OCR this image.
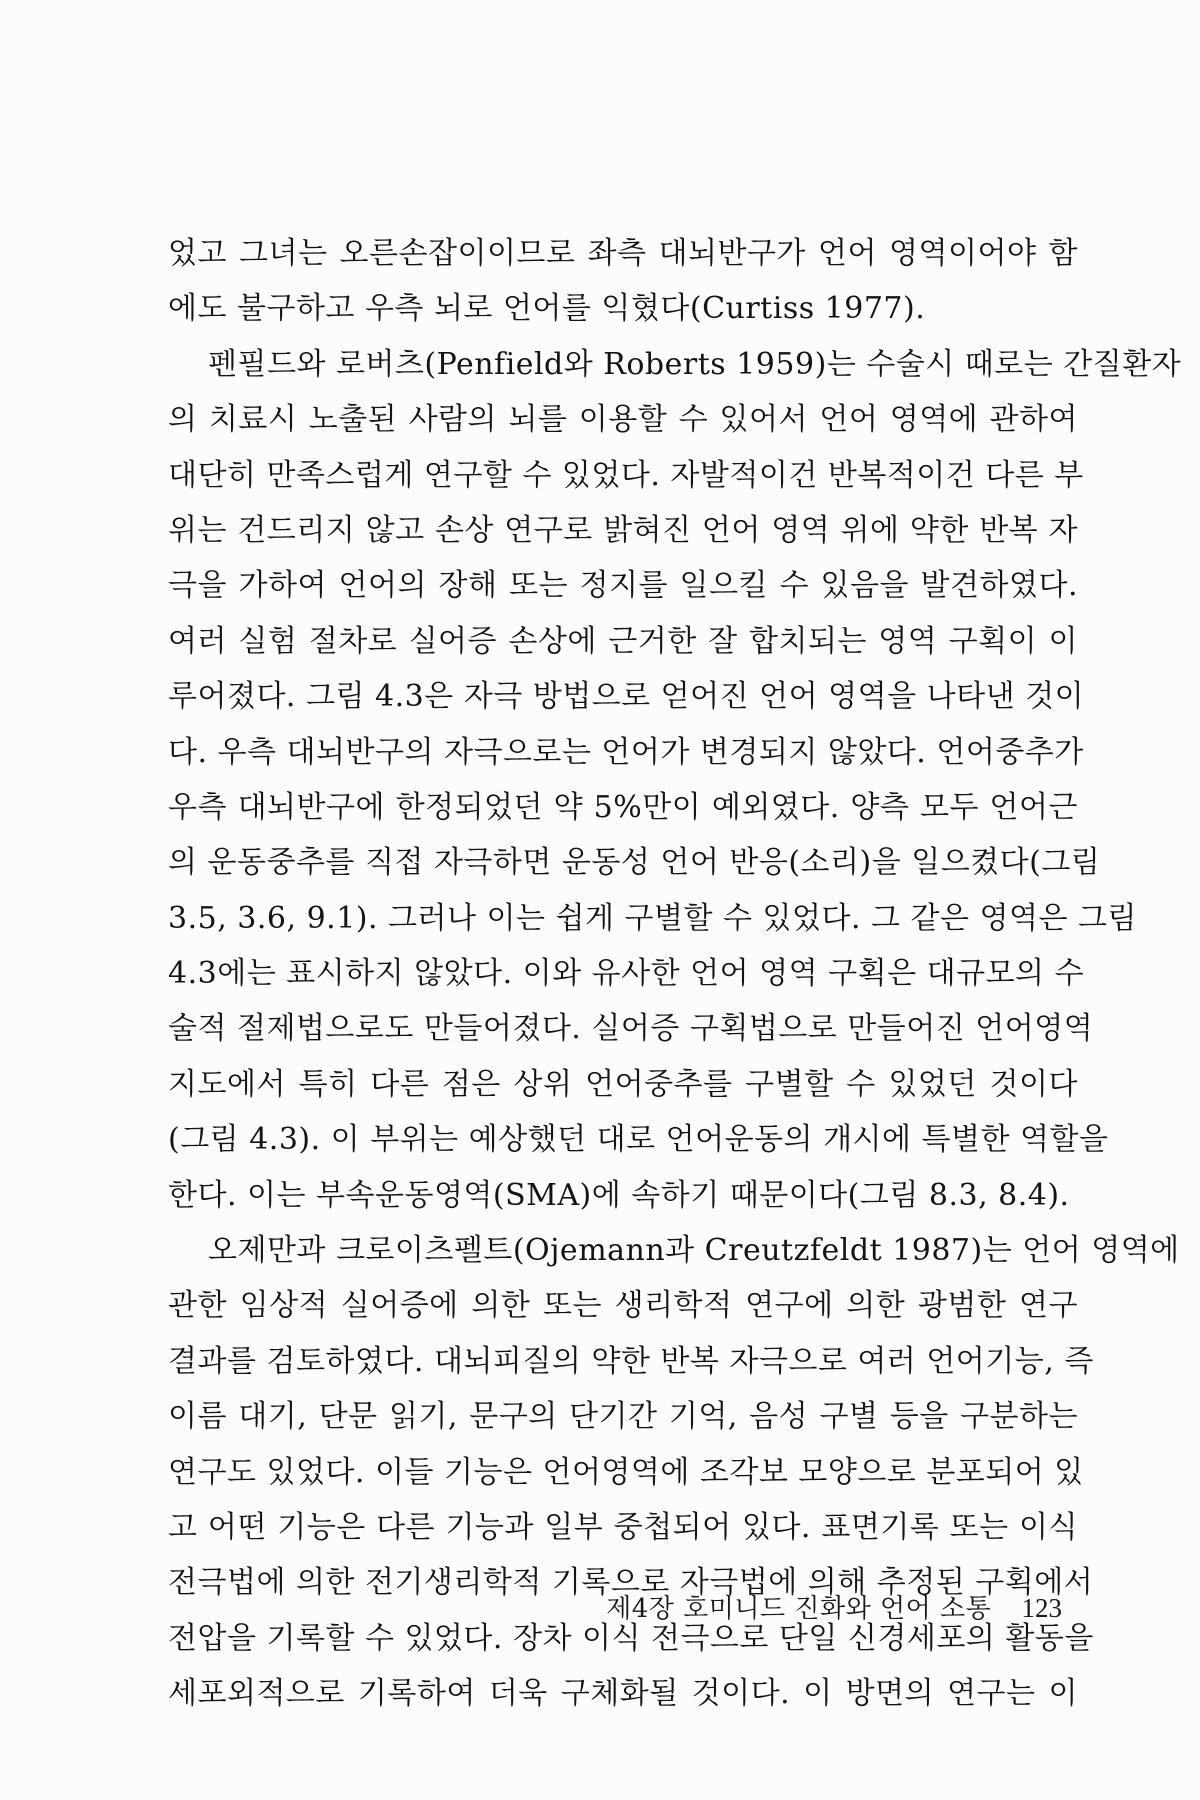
었고 그녀는 오른손잡이이므로 좌측 대뇌반구가 언어 영역이어야 함
에도 불구하고 우측 뇌로 언어를 익혔다(Curtiss 1977).
펜필드와 로버츠(Penfield와 Roberts 1959)는 수술시 때로는 간질환자
의 치료시 노출된 사람의 뇌를 이용할 수 있어서 언어 영역에 관하여
대단히 만족스럽게 연구할 수 있었다. 자발적이건 반복적이건 다른 부
위는 건드리지 않고 손상 연구로 밝혀진 언어 영역 위에 약한 반복 자
극을 가하여 언어의 장해 또는 정지를 일으킬 수 있음을 발견하였다.
여러 실험 절차로 실어증 손상에 근거한 잘 합치되는 영역 구획이 이
루어졌다. 그림 4.3은 자극 방법으로 얻어진 언어 영역을 나타낸 것이
다. 우측 대뇌반구의 자극으로는 언어가 변경되지 않았다. 언어중추가
우측 대뇌반구에 한정되었던 약 5%만이 예외였다. 양측 모두 언어근
의 운동중추를 직접 자극하면 운동성 언어 반응(소리)을 일으켰다(그림
3.5, 3.6, 9.1). 그러나 이는 쉽게 구별할 수 있었다. 그 같은 영역은 그림
4.3에는 표시하지 않았다. 이와 유사한 언어 영역 구획은 대규모의 수
술적 절제법으로도 만들어졌다. 실어증 구획법으로 만들어진 언어영역
지도에서 특히 다른 점은 상위 언어중추를 구별할 수 있었던 것이다
(그림 4.3). 이 부위는 예상했던 대로 언어운동의 개시에 특별한 역할을
한다. 이는 부속운동영역(SMA)에 속하기 때문이다(그림 8.3, 8.4).
오제만과 크로이츠펠트(Ojemann과 Creutzfeldt 1987)는 언어 영역에
관한 임상적 실어증에 의한 또는 생리학적 연구에 의한 광범한 연구
결과를 검토하였다. 대뇌피질의 약한 반복 자극으로 여러 언어기능, 즉
이름 대기, 단문 읽기, 문구의 단기간 기억, 음성 구별 등을 구분하는
연구도 있었다. 이들 기능은 언어영역에 조각보 모양으로 분포되어 있
고 어떤 기능은 다른 기능과 일부 중첩되어 있다. 표면기록 또는 이식
전극법에 의한 전기생리학적 기록으로 자극법에 의해 추정된 구획에서
전압을 기록할 수 있었다. 장차 이식 전극으로 단일 신경세포의 활동을
세포외적으로 기록하여 더욱 구체화될 것이다. 이 방면의 연구는 이
제4장 호미니드 진화와 언어 소통 123
